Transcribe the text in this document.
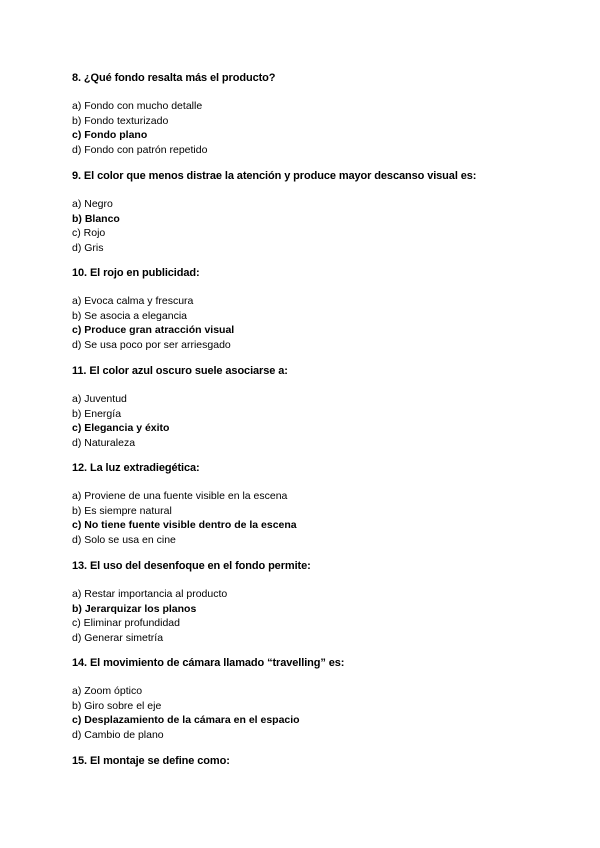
8. ¿Qué fondo resalta más el producto?
a) Fondo con mucho detalle
b) Fondo texturizado
c) Fondo plano
d) Fondo con patrón repetido
9. El color que menos distrae la atención y produce mayor descanso visual es:
a) Negro
b) Blanco
c) Rojo
d) Gris
10. El rojo en publicidad:
a) Evoca calma y frescura
b) Se asocia a elegancia
c) Produce gran atracción visual
d) Se usa poco por ser arriesgado
11. El color azul oscuro suele asociarse a:
a) Juventud
b) Energía
c) Elegancia y éxito
d) Naturaleza
12. La luz extradiegética:
a) Proviene de una fuente visible en la escena
b) Es siempre natural
c) No tiene fuente visible dentro de la escena
d) Solo se usa en cine
13. El uso del desenfoque en el fondo permite:
a) Restar importancia al producto
b) Jerarquizar los planos
c) Eliminar profundidad
d) Generar simetría
14. El movimiento de cámara llamado “travelling” es:
a) Zoom óptico
b) Giro sobre el eje
c) Desplazamiento de la cámara en el espacio
d) Cambio de plano
15. El montaje se define como:
